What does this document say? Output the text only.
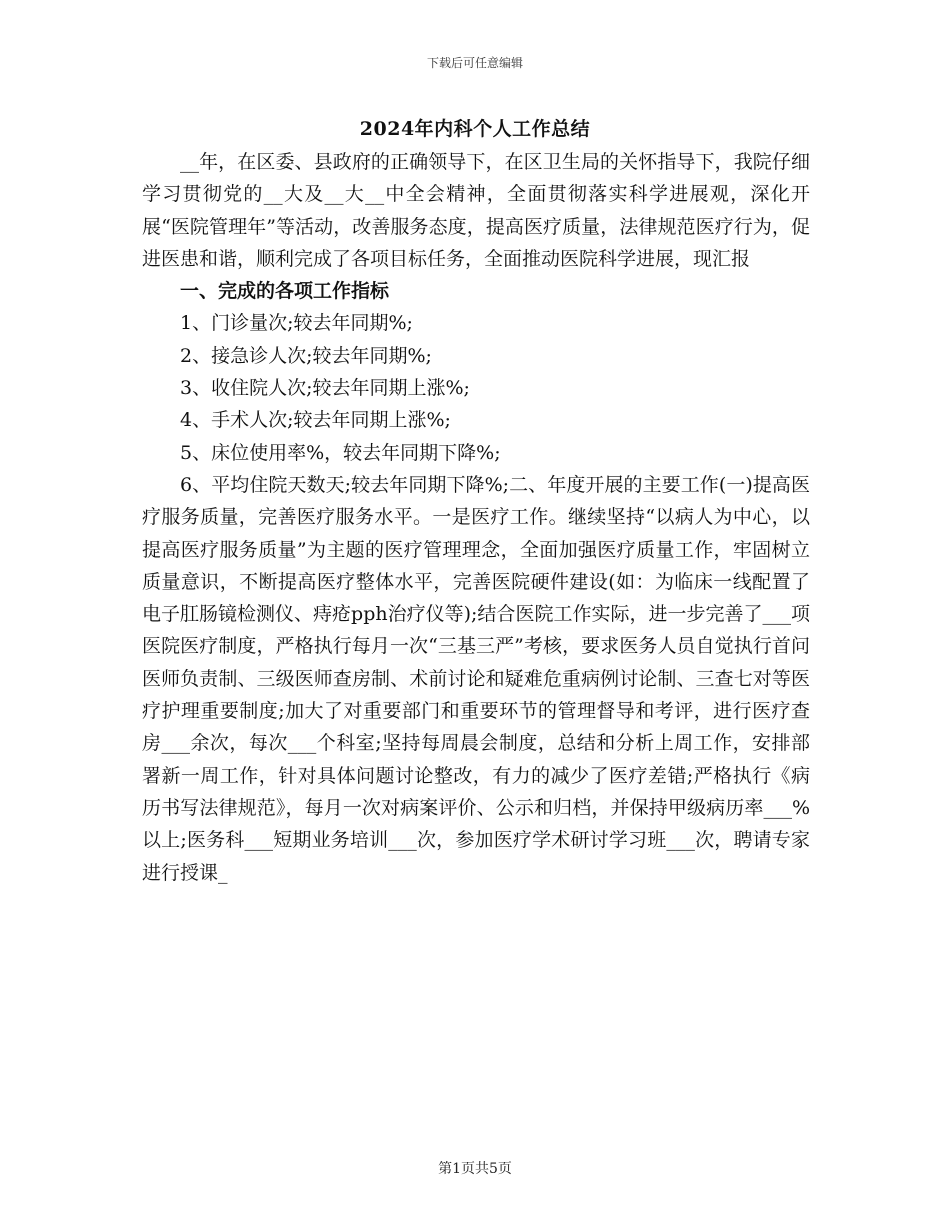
下载后可任意编辑
2024年内科个人工作总结

__年，在区委、县政府的正确领导下，在区卫生局的关怀指导下，我院仔细学习贯彻党的__大及__大__中全会精神，全面贯彻落实科学进展观，深化开展“医院管理年”等活动，改善服务态度，提高医疗质量，法律规范医疗行为，促进医患和谐，顺利完成了各项目标任务，全面推动医院科学进展，现汇报

一、完成的各项工作指标

1、门诊量次;较去年同期%;

2、接急诊人次;较去年同期%;

3、收住院人次;较去年同期上涨%;

4、手术人次;较去年同期上涨%;

5、床位使用率%，较去年同期下降%;

6、平均住院天数天;较去年同期下降%;二、年度开展的主要工作(一)提高医疗服务质量，完善医疗服务水平。一是医疗工作。继续坚持“以病人为中心，以提高医疗服务质量”为主题的医疗管理理念，全面加强医疗质量工作，牢固树立质量意识，不断提高医疗整体水平，完善医院硬件建设(如：为临床一线配置了电子肛肠镜检测仪、痔疮pph治疗仪等);结合医院工作实际，进一步完善了___项医院医疗制度，严格执行每月一次“三基三严”考核，要求医务人员自觉执行首问医师负责制、三级医师查房制、术前讨论和疑难危重病例讨论制、三查七对等医疗护理重要制度;加大了对重要部门和重要环节的管理督导和考评，进行医疗查房___余次，每次___个科室;坚持每周晨会制度，总结和分析上周工作，安排部署新一周工作，针对具体问题讨论整改，有力的减少了医疗差错;严格执行《病历书写法律规范》，每月一次对病案评价、公示和归档，并保持甲级病历率___%以上;医务科___短期业务培训___次，参加医疗学术研讨学习班___次，聘请专家进行授课_

第1页共5页
